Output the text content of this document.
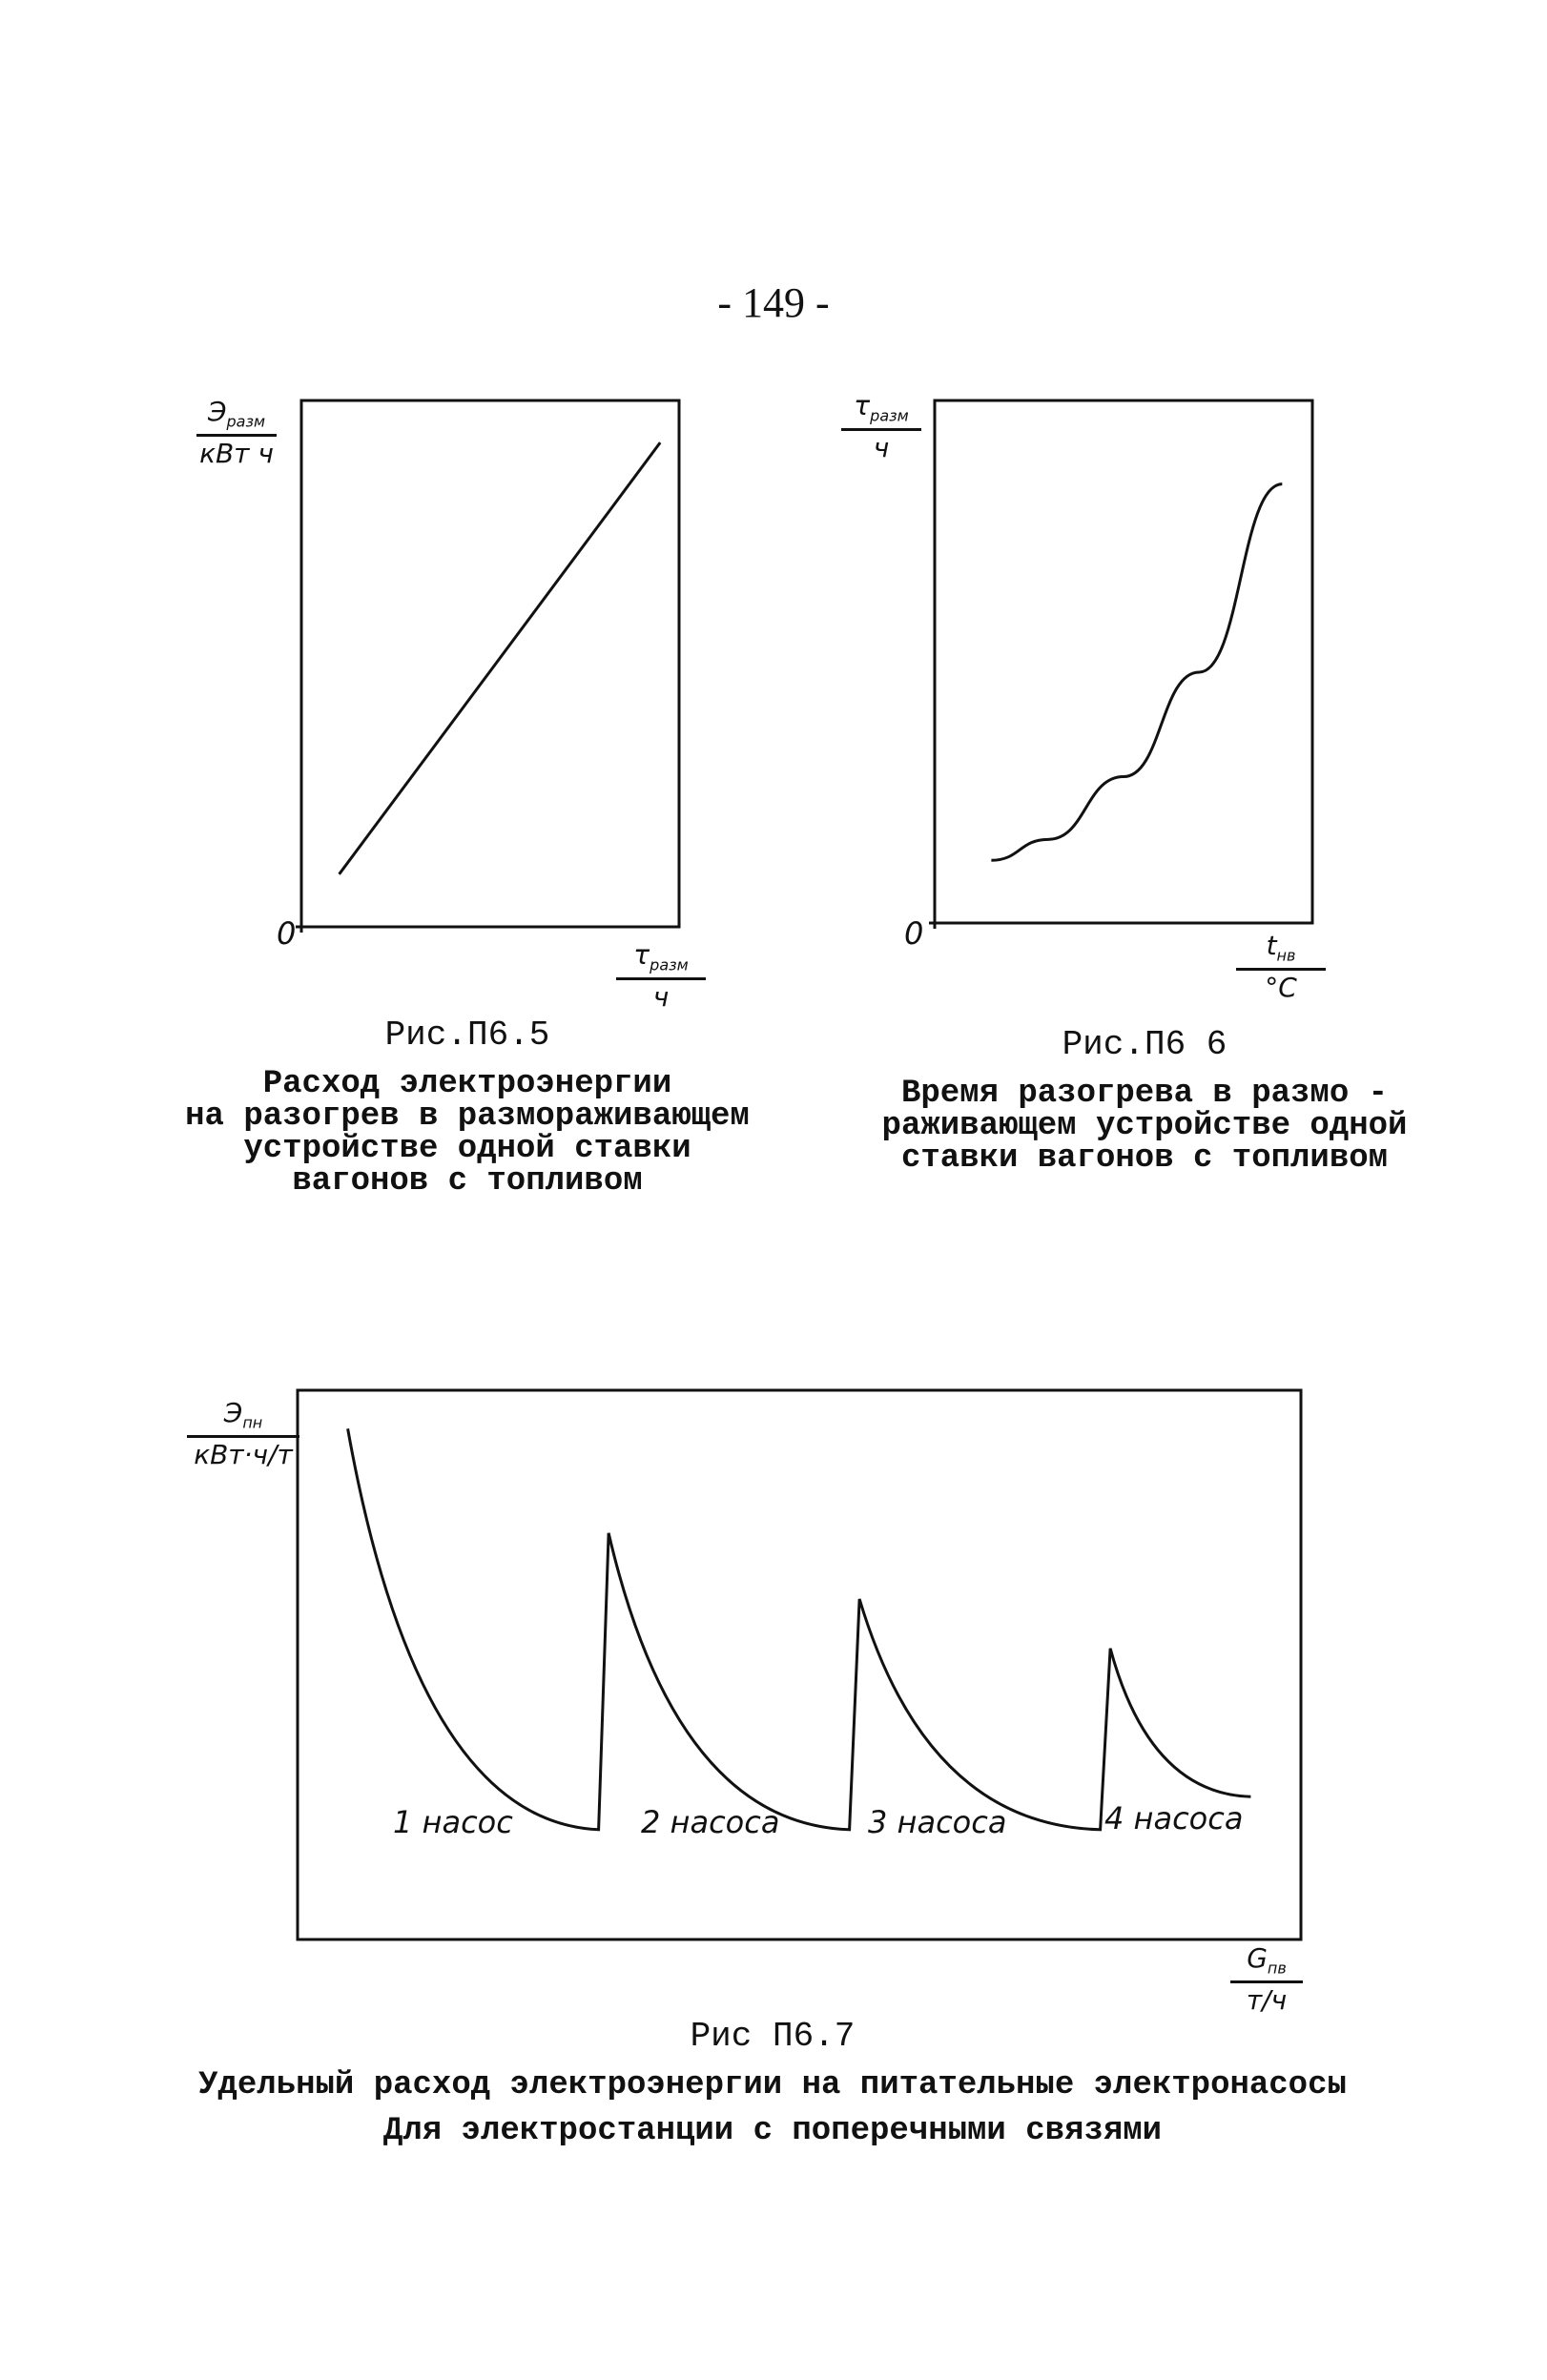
- 149 -
$Э_{разм}$
кВт ч
0
$\tau_{разм}$
ч
$\tau_{разм}$
ч
0	$t_{нв}$
°C
$Э_{пн}$
кВт·ч/т
$G_{пв}$
т/ч
1 насос	2 насоса	3 насоса	4 насоса
Рис.П6.5
Расход электроэнергии
на разогрев в размораживающем
устройстве одной ставки
вагонов с топливом
Рис.П6 6
Время разогрева в размо -
раживающем устройстве одной
ставки вагонов с топливом
Рис П6.7
Удельный расход электроэнергии на питательные электронасосы
Для электростанции с поперечными связями
